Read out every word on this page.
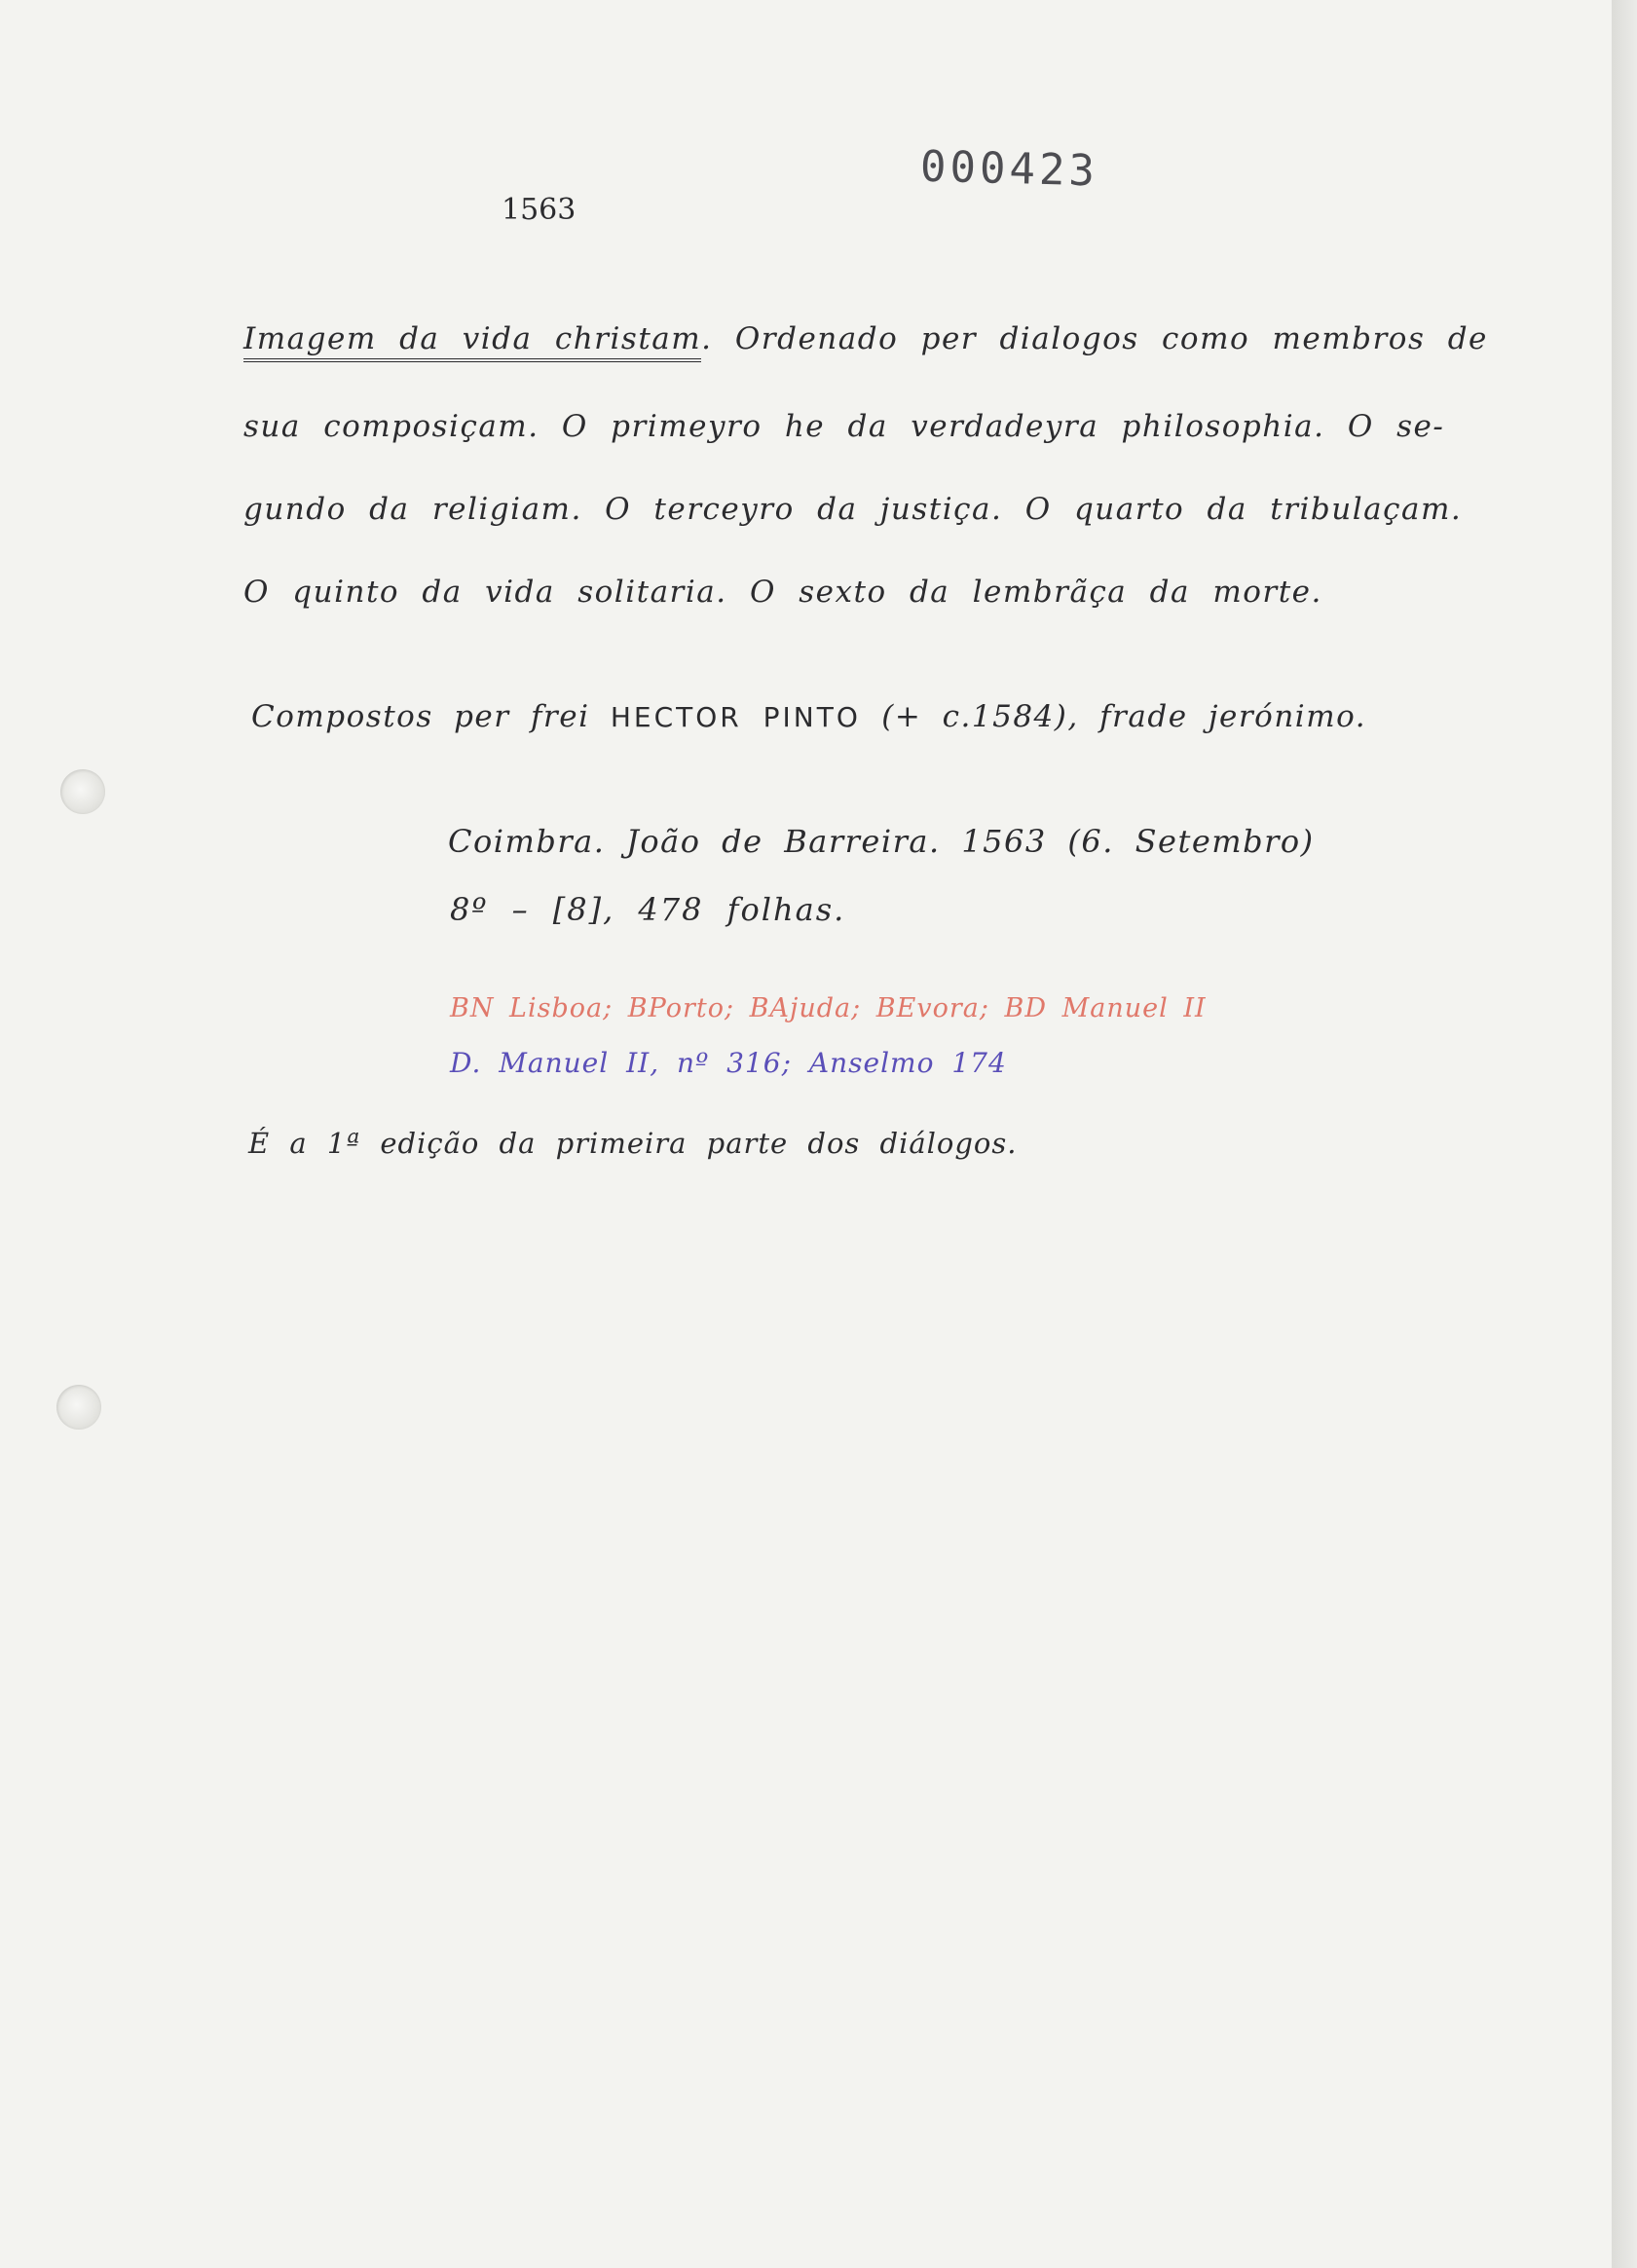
000423
1563
Imagem da vida christam. Ordenado per dialogos como membros de
sua composiçam. O primeyro he da verdadeyra philosophia. O se-
gundo da religiam. O terceyro da justiça. O quarto da tribulaçam.
O quinto da vida solitaria. O sexto da lembrãça da morte.
Compostos per frei HECTOR PINTO (+ c.1584), frade jerónimo.
Coimbra. João de Barreira. 1563 (6. Setembro)
8º – [8], 478 folhas.
BN Lisboa; BPorto; BAjuda; BEvora; BD Manuel II
D. Manuel II, nº 316; Anselmo 174
É a 1ª edição da primeira parte dos diálogos.
